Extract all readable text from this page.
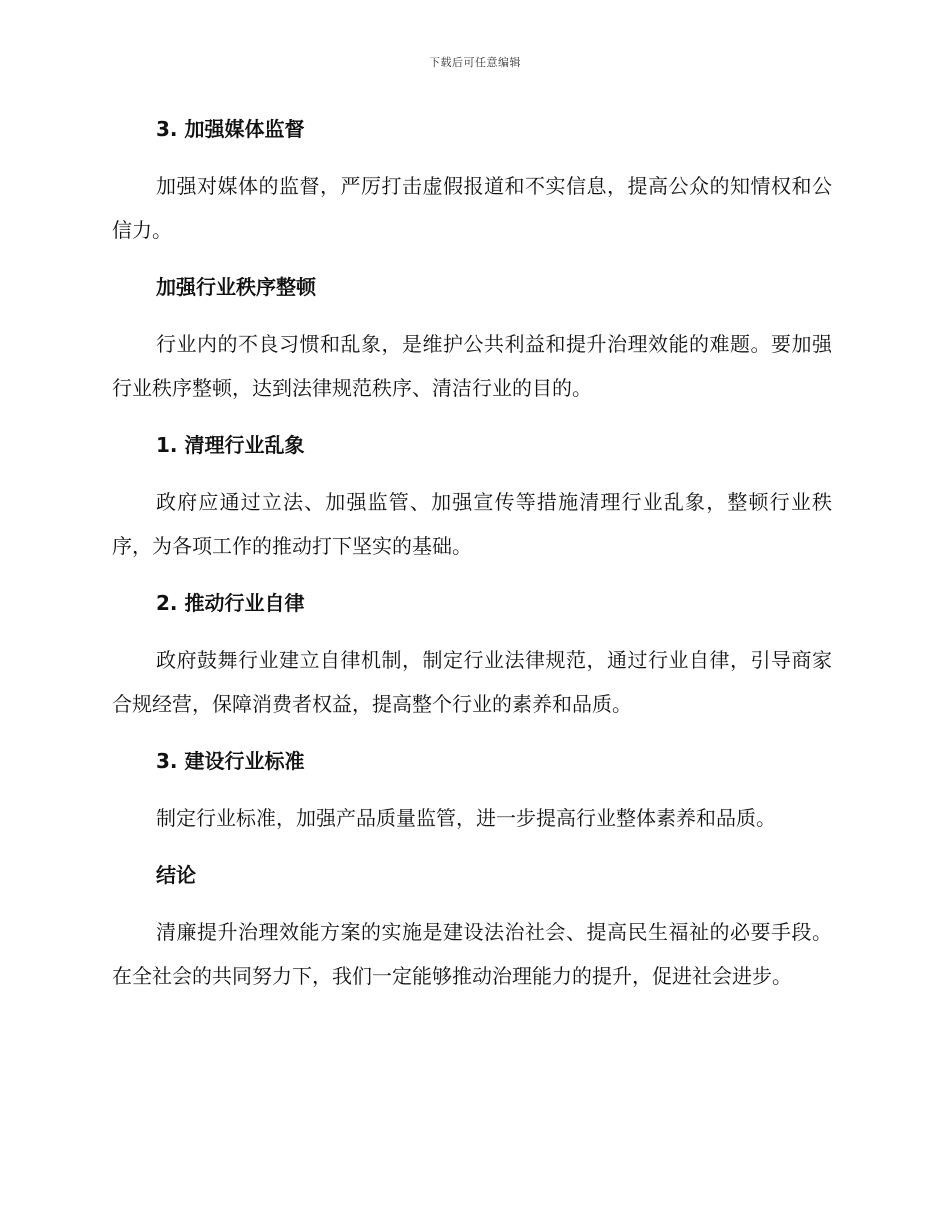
下载后可任意编辑
3. 加强媒体监督

加强对媒体的监督，严厉打击虚假报道和不实信息，提高公众的知情权和公信力。

加强行业秩序整顿

行业内的不良习惯和乱象，是维护公共利益和提升治理效能的难题。要加强行业秩序整顿，达到法律规范秩序、清洁行业的目的。

1. 清理行业乱象

政府应通过立法、加强监管、加强宣传等措施清理行业乱象，整顿行业秩序，为各项工作的推动打下坚实的基础。

2. 推动行业自律

政府鼓舞行业建立自律机制，制定行业法律规范，通过行业自律，引导商家合规经营，保障消费者权益，提高整个行业的素养和品质。

3. 建设行业标准

制定行业标准，加强产品质量监管，进一步提高行业整体素养和品质。

结论

清廉提升治理效能方案的实施是建设法治社会、提高民生福祉的必要手段。在全社会的共同努力下，我们一定能够推动治理能力的提升，促进社会进步。
